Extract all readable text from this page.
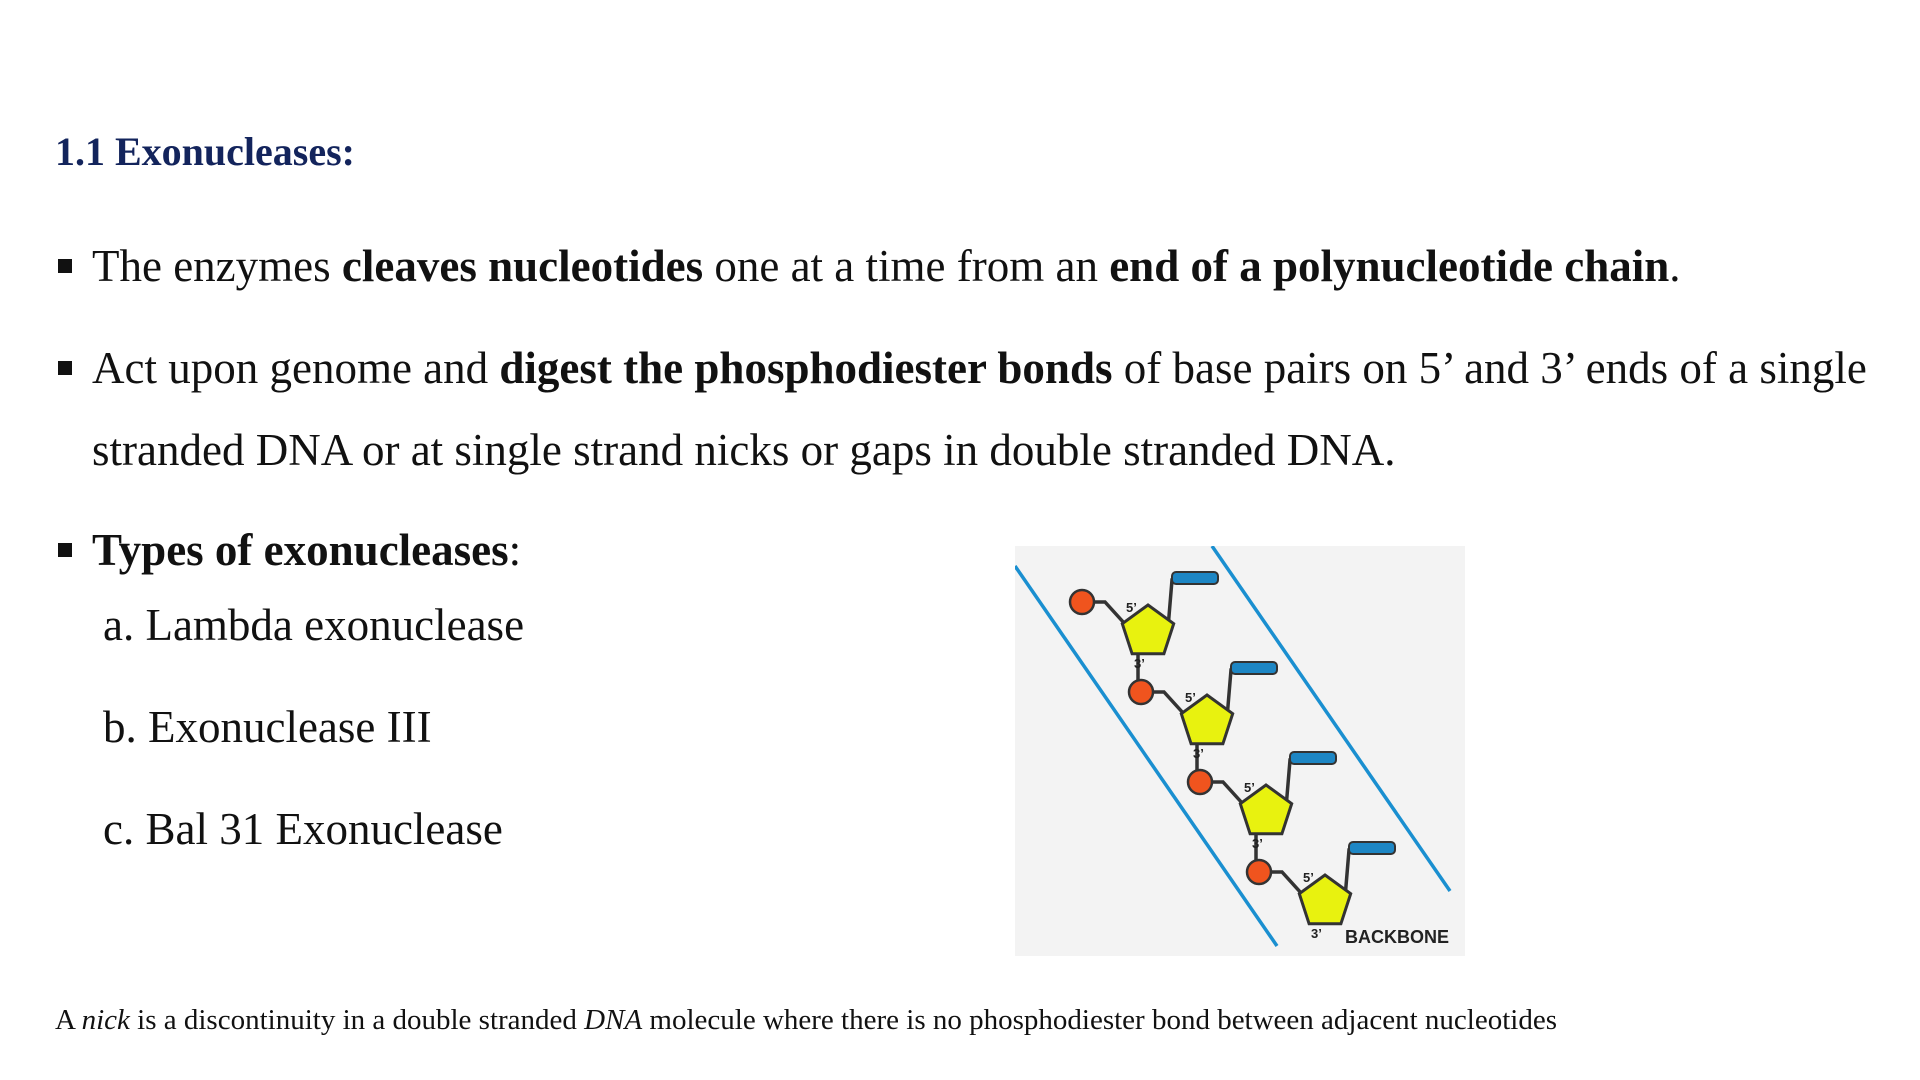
1.1 Exonucleases:
The enzymes cleaves nucleotides one at a time from an end of a polynucleotide chain.
Act upon genome and digest the phosphodiester bonds of base pairs on 5’ and 3’ ends of a single stranded DNA or at single strand nicks or gaps in double stranded DNA.
Types of exonucleases:
a. Lambda exonuclease
b. Exonuclease III
c. Bal 31 Exonuclease
5’
3’
5’
3’
5’
3’
5’
3’ BACKBONE

A nick is a discontinuity in a double stranded DNA molecule where there is no phosphodiester bond between adjacent nucleotides
